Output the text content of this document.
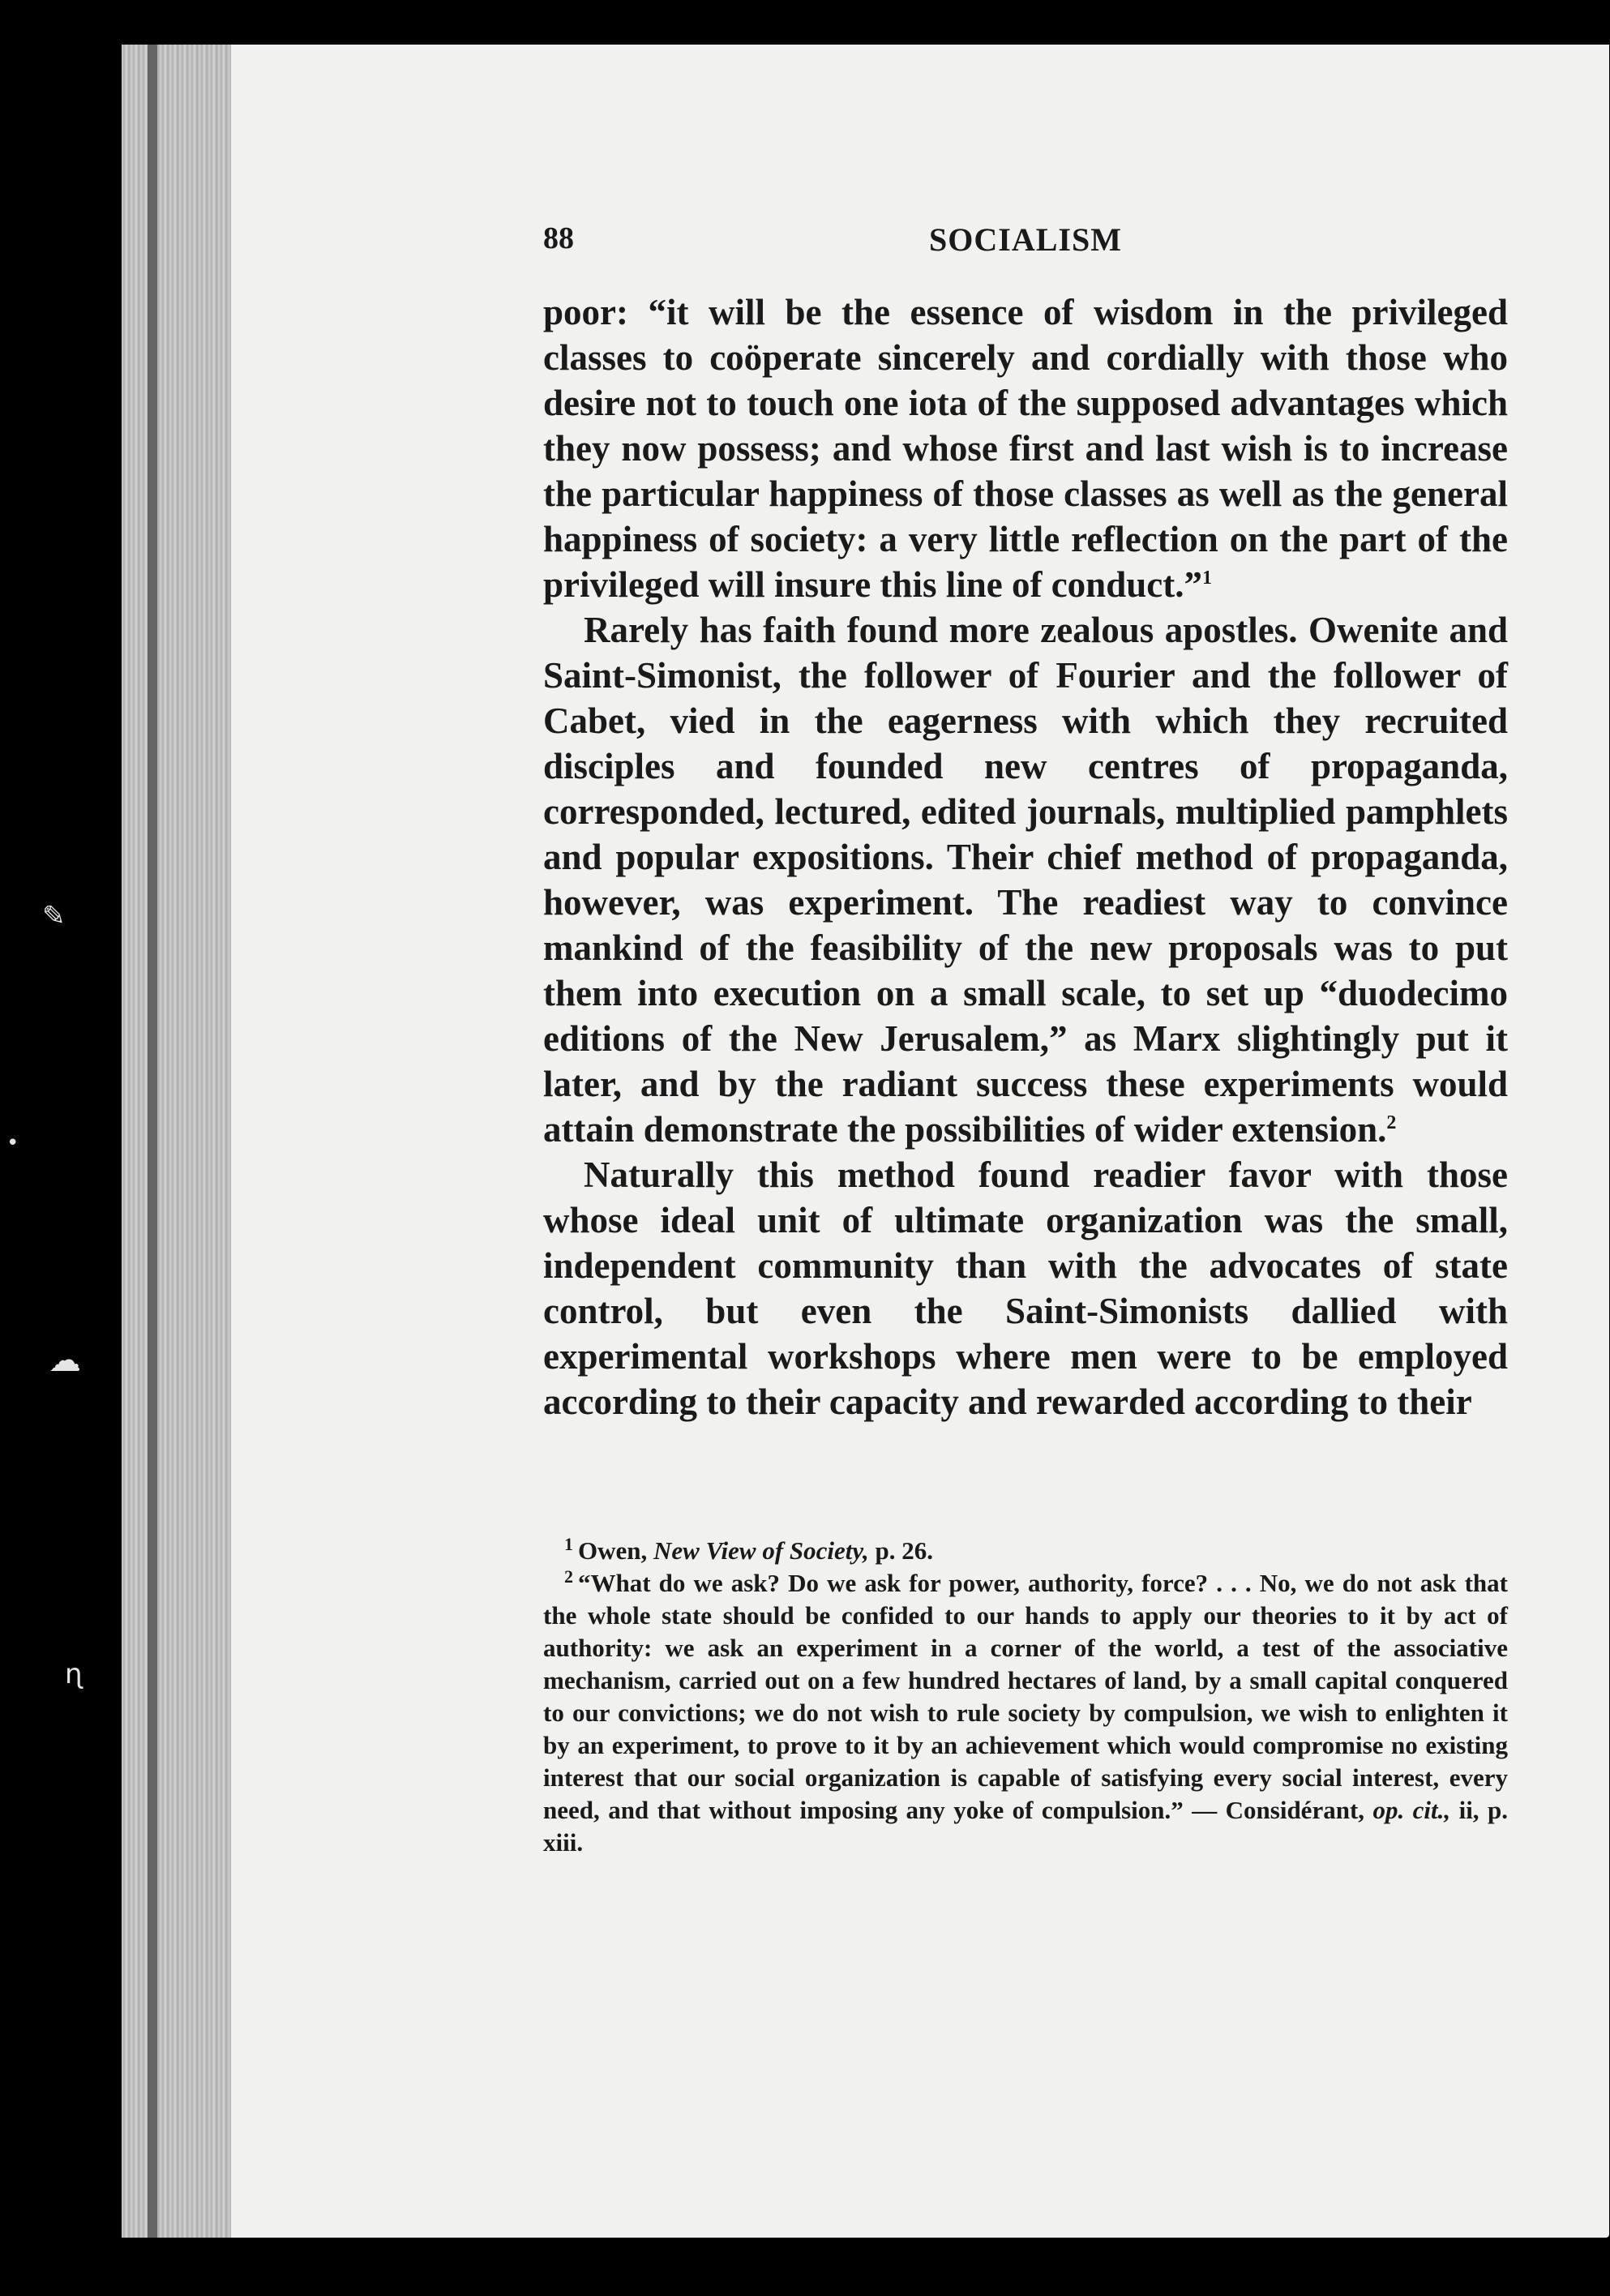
✎
•
☁
ɳ
88	SOCIALISM

poor: “it will be the essence of wisdom in the privileged classes to coöperate sincerely and cordially with those who desire not to touch one iota of the supposed advantages which they now possess; and whose first and last wish is to increase the particular happiness of those classes as well as the general happiness of society: a very little reflection on the part of the privileged will insure this line of conduct.”$^1$

Rarely has faith found more zealous apostles. Owenite and Saint-Simonist, the follower of Fourier and the follower of Cabet, vied in the eagerness with which they recruited disciples and founded new centres of propaganda, corresponded, lectured, edited journals, multiplied pamphlets and popular expositions. Their chief method of propaganda, however, was experiment. The readiest way to convince mankind of the feasibility of the new proposals was to put them into execution on a small scale, to set up “duodecimo editions of the New Jerusalem,” as Marx slightingly put it later, and by the radiant success these experiments would attain demonstrate the possibilities of wider extension.$^2$

Naturally this method found readier favor with those whose ideal unit of ultimate organization was the small, independent community than with the advocates of state control, but even the Saint-Simonists dallied with experimental workshops where men were to be employed according to their capacity and rewarded according to their

$^1$ Owen, New View of Society, p. 26.

$^2$ “What do we ask? Do we ask for power, authority, force? . . . No, we do not ask that the whole state should be confided to our hands to apply our theories to it by act of authority: we ask an experiment in a corner of the world, a test of the associative mechanism, carried out on a few hundred hectares of land, by a small capital conquered to our convictions; we do not wish to rule society by compulsion, we wish to enlighten it by an experiment, to prove to it by an achievement which would compromise no existing interest that our social organization is capable of satisfying every social interest, every need, and that without imposing any yoke of compulsion.” — Considérant, op. cit., ii, p. xiii.
